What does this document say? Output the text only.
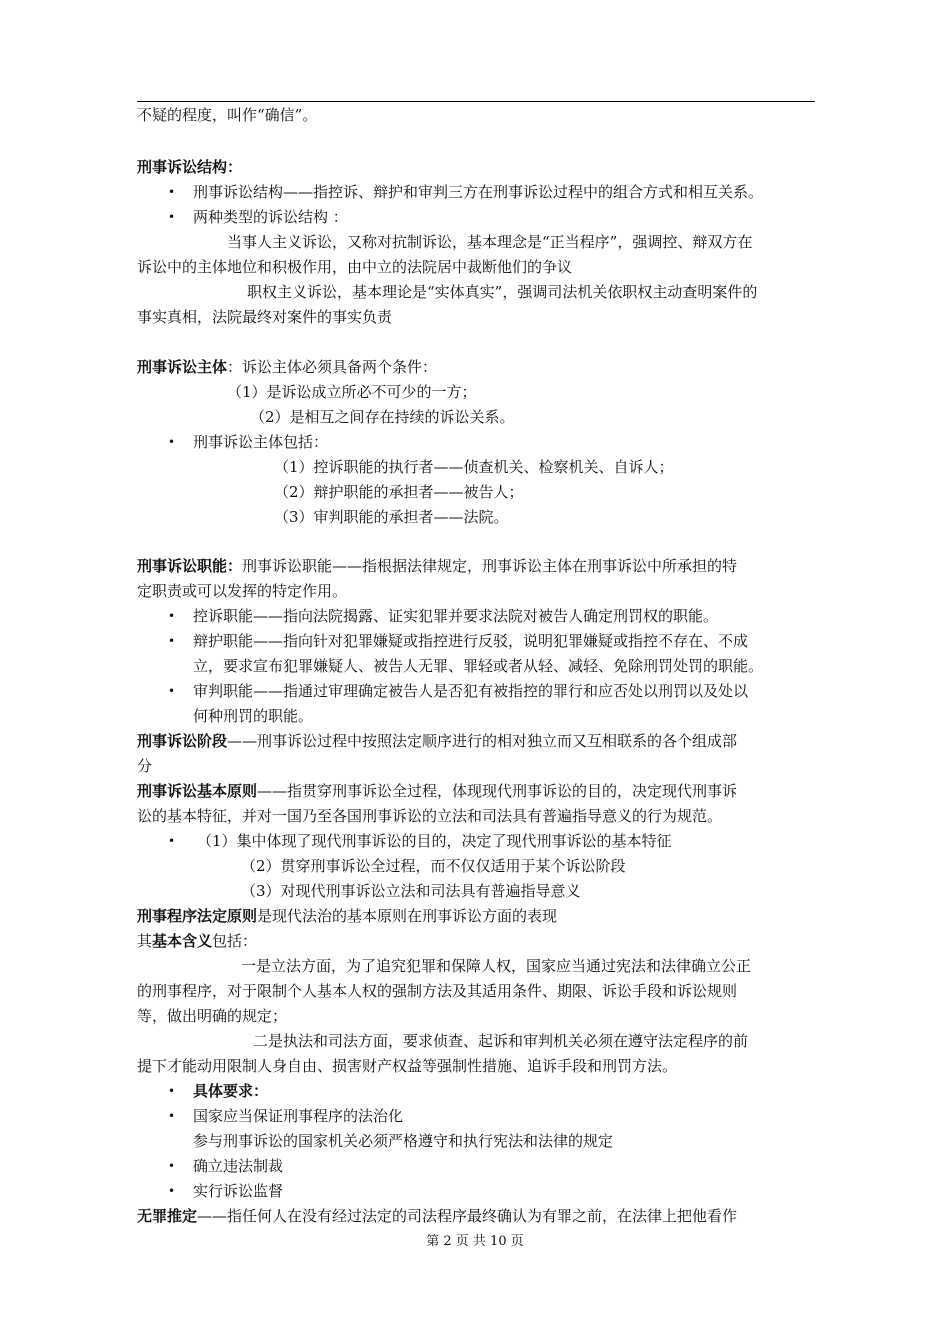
不疑的程度，叫作“确信”。
刑事诉讼结构：
• 刑事诉讼结构——指控诉、辩护和审判三方在刑事诉讼过程中的组合方式和相互关系。
• 两种类型的诉讼结构 ：
当事人主义诉讼，又称对抗制诉讼，基本理念是“正当程序”，强调控、辩双方在
诉讼中的主体地位和积极作用，由中立的法院居中裁断他们的争议
职权主义诉讼，基本理论是“实体真实”，强调司法机关依职权主动查明案件的
事实真相，法院最终对案件的事实负责
刑事诉讼主体：诉讼主体必须具备两个条件：
（1）是诉讼成立所必不可少的一方；
（2）是相互之间存在持续的诉讼关系。
• 刑事诉讼主体包括：
（1）控诉职能的执行者——侦查机关、检察机关、自诉人；
（2）辩护职能的承担者——被告人；
（3）审判职能的承担者——法院。
刑事诉讼职能：刑事诉讼职能——指根据法律规定，刑事诉讼主体在刑事诉讼中所承担的特
定职责或可以发挥的特定作用。
• 控诉职能——指向法院揭露、证实犯罪并要求法院对被告人确定刑罚权的职能。
• 辩护职能——指向针对犯罪嫌疑或指控进行反驳，说明犯罪嫌疑或指控不存在、不成
立，要求宣布犯罪嫌疑人、被告人无罪、罪轻或者从轻、减轻、免除刑罚处罚的职能。
• 审判职能——指通过审理确定被告人是否犯有被指控的罪行和应否处以刑罚以及处以
何种刑罚的职能。
刑事诉讼阶段——刑事诉讼过程中按照法定顺序进行的相对独立而又互相联系的各个组成部
分
刑事诉讼基本原则——指贯穿刑事诉讼全过程，体现现代刑事诉讼的目的，决定现代刑事诉
讼的基本特征，并对一国乃至各国刑事诉讼的立法和司法具有普遍指导意义的行为规范。
• （1）集中体现了现代刑事诉讼的目的，决定了现代刑事诉讼的基本特征
（2）贯穿刑事诉讼全过程，而不仅仅适用于某个诉讼阶段
（3）对现代刑事诉讼立法和司法具有普遍指导意义
刑事程序法定原则是现代法治的基本原则在刑事诉讼方面的表现
其基本含义包括：
一是立法方面，为了追究犯罪和保障人权，国家应当通过宪法和法律确立公正
的刑事程序，对于限制个人基本人权的强制方法及其适用条件、期限、诉讼手段和诉讼规则
等，做出明确的规定；
二是执法和司法方面，要求侦查、起诉和审判机关必须在遵守法定程序的前
提下才能动用限制人身自由、损害财产权益等强制性措施、追诉手段和刑罚方法。
• 具体要求：
• 国家应当保证刑事程序的法治化
参与刑事诉讼的国家机关必须严格遵守和执行宪法和法律的规定
• 确立违法制裁
• 实行诉讼监督
无罪推定——指任何人在没有经过法定的司法程序最终确认为有罪之前，在法律上把他看作
第 2 页 共 10 页
